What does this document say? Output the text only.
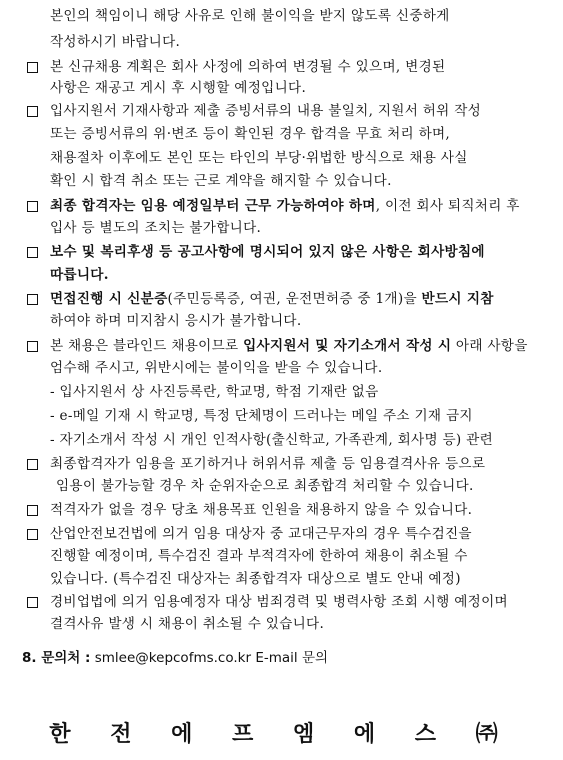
본인의 책임이니 해당 사유로 인해 불이익을 받지 않도록 신중하게
작성하시기 바랍니다.
본 신규채용 계획은 회사 사정에 의하여 변경될 수 있으며, 변경된
사항은 재공고 게시 후 시행할 예정입니다.
입사지원서 기재사항과 제출 증빙서류의 내용 불일치, 지원서 허위 작성
또는 증빙서류의 위·변조 등이 확인된 경우 합격을 무효 처리 하며,
채용절차 이후에도 본인 또는 타인의 부당·위법한 방식으로 채용 사실
확인 시 합격 취소 또는 근로 계약을 해지할 수 있습니다.
최종 합격자는 임용 예정일부터 근무 가능하여야 하며, 이전 회사 퇴직처리 후
입사 등 별도의 조치는 불가합니다.
보수 및 복리후생 등 공고사항에 명시되어 있지 않은 사항은 회사방침에
따릅니다.
면접진행 시 신분증(주민등록증, 여권, 운전면허증 중 1개)을 반드시 지참
하여야 하며 미지참시 응시가 불가합니다.
본 채용은 블라인드 채용이므로 입사지원서 및 자기소개서 작성 시 아래 사항을
엄수해 주시고, 위반시에는 불이익을 받을 수 있습니다.
- 입사지원서 상 사진등록란, 학교명, 학점 기재란 없음
- e-메일 기재 시 학교명, 특정 단체명이 드러나는 메일 주소 기재 금지
- 자기소개서 작성 시 개인 인적사항(출신학교, 가족관계, 회사명 등) 관련
최종합격자가 임용을 포기하거나 허위서류 제출 등 임용결격사유 등으로
임용이 불가능할 경우 차 순위자순으로 최종합격 처리할 수 있습니다.
적격자가 없을 경우 당초 채용목표 인원을 채용하지 않을 수 있습니다.
산업안전보건법에 의거 임용 대상자 중 교대근무자의 경우 특수검진을
진행할 예정이며, 특수검진 결과 부적격자에 한하여 채용이 취소될 수
있습니다. (특수검진 대상자는 최종합격자 대상으로 별도 안내 예정)
경비업법에 의거 임용예정자 대상 범죄경력 및 병력사항 조회 시행 예정이며
결격사유 발생 시 채용이 취소될 수 있습니다.
8. 문의처 : smlee@kepcofms.co.kr E-mail 문의
한 전 에 프 엠 에 스 ㈜
